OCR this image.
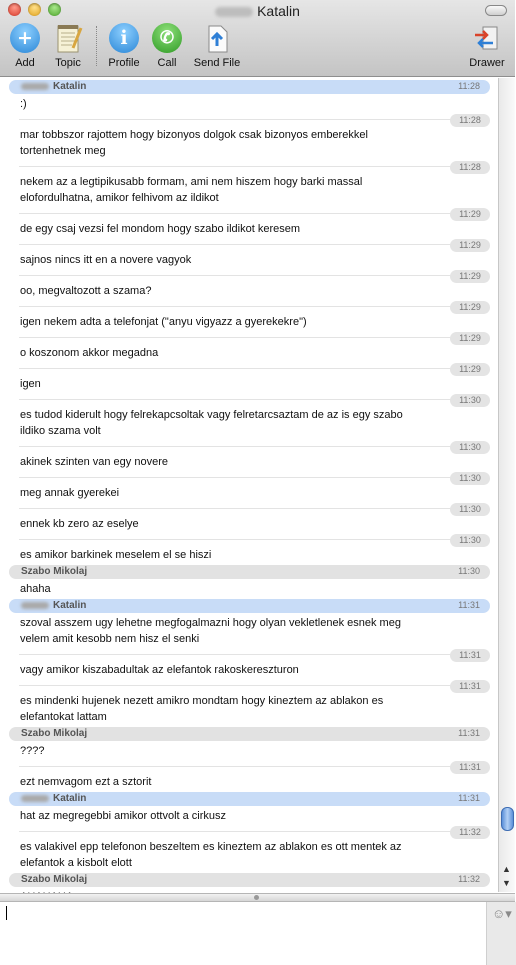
Katalin
+
Add	Topic
i
Profile
✆
Call	Send File	Drawer
Katalin	11:28
:)
11:28
mar tobbszor rajottem hogy bizonyos dolgok csak bizonyos emberekkel tortenhetnek meg
11:28
nekem az a legtipikusabb formam, ami nem hiszem hogy barki massal elofordulhatna, amikor felhivom az ildikot
11:29
de egy csaj vezsi fel mondom hogy szabo ildikot keresem
11:29
sajnos nincs itt en a novere vagyok
11:29
oo, megvaltozott a szama?
11:29
igen nekem adta a telefonjat ("anyu vigyazz a gyerekekre")
11:29
o koszonom akkor megadna
11:29
igen
11:30
es tudod kiderult hogy felrekapcsoltak vagy felretarcsaztam de az is egy szabo ildiko szama volt
11:30
akinek szinten van egy novere
11:30
meg annak gyerekei
11:30
ennek kb zero az eselye
11:30
es amikor barkinek meselem el se hiszi
Szabo Mikolaj	11:30
ahaha
Katalin	11:31
szoval asszem ugy lehetne megfogalmazni hogy olyan vekletlenek esnek meg velem amit kesobb nem hisz el senki
11:31
vagy amikor kiszabadultak az elefantok rakoskereszturon
11:31
es mindenki hujenek nezett amikro mondtam hogy kineztem az ablakon es elefantokat lattam
Szabo Mikolaj	11:31
????
11:31
ezt nemvagom ezt a sztorit
Katalin	11:31
hat az megregebbi amikor ottvolt a cirkusz
11:32
es valakivel epp telefonon beszeltem es kineztem az ablakon es ott mentek az elefantok a kisbolt elott
Szabo Mikolaj	11:32
▲
▼
☺▾
